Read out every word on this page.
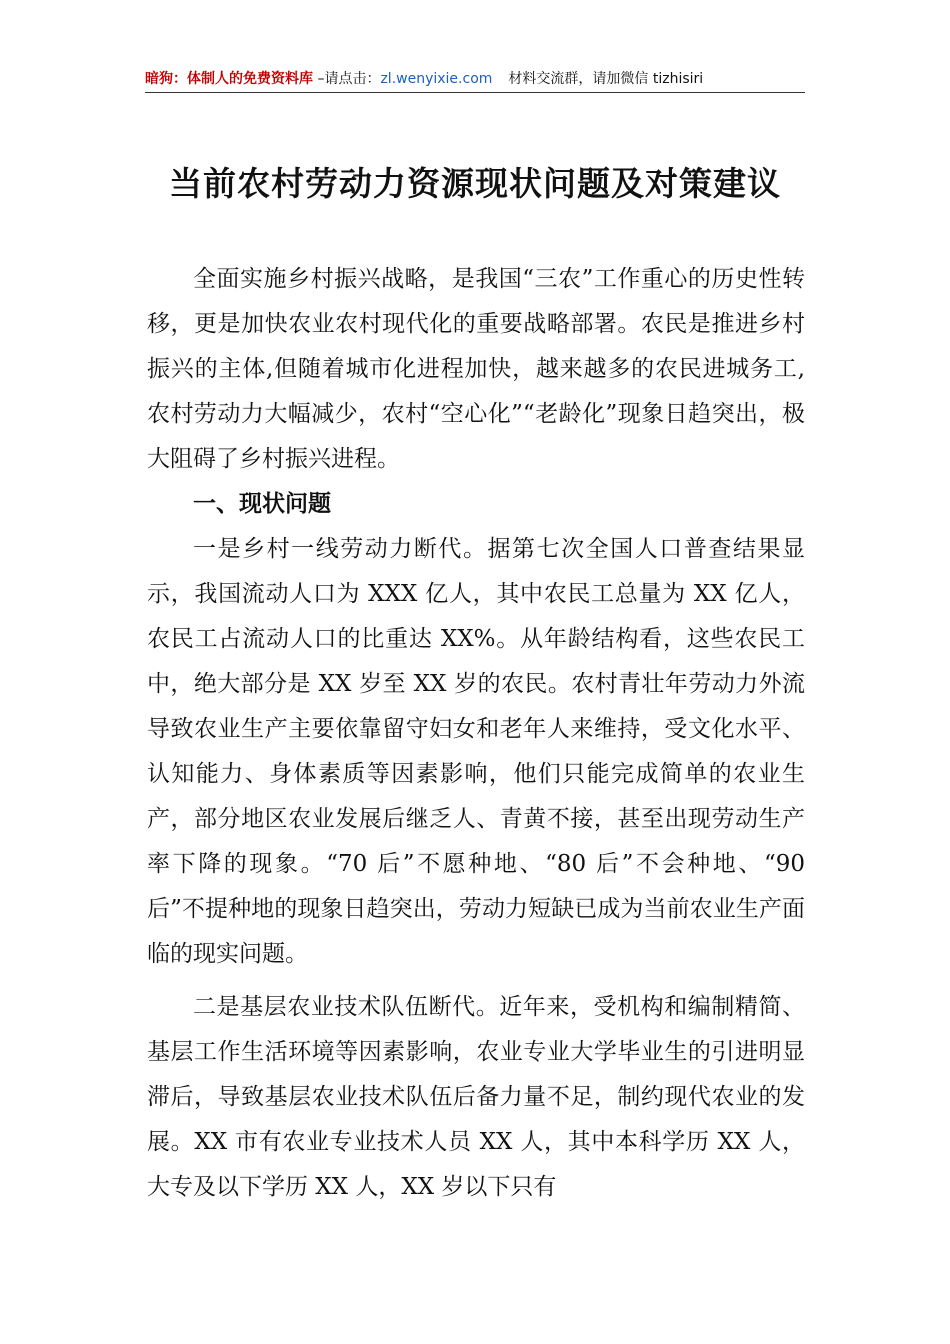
暗狗：体制人的免费资料库 –请点击：zl.wenyixie.com 材料交流群，请加微信 tizhisiri
当前农村劳动力资源现状问题及对策建议

全面实施乡村振兴战略，是我国“三农”工作重心的历史性转移，更是加快农业农村现代化的重要战略部署。农民是推进乡村振兴的主体,但随着城市化进程加快，越来越多的农民进城务工,农村劳动力大幅减少，农村“空心化”“老龄化”现象日趋突出，极大阻碍了乡村振兴进程。

一、现状问题

一是乡村一线劳动力断代。据第七次全国人口普查结果显示，我国流动人口为 XXX 亿人，其中农民工总量为 XX 亿人，农民工占流动人口的比重达 XX%。从年龄结构看，这些农民工中，绝大部分是 XX 岁至 XX 岁的农民。农村青壮年劳动力外流导致农业生产主要依靠留守妇女和老年人来维持，受文化水平、认知能力、身体素质等因素影响，他们只能完成简单的农业生产，部分地区农业发展后继乏人、青黄不接，甚至出现劳动生产率下降的现象。“70 后”不愿种地、“80 后”不会种地、“90 后”不提种地的现象日趋突出，劳动力短缺已成为当前农业生产面临的现实问题。

二是基层农业技术队伍断代。近年来，受机构和编制精简、基层工作生活环境等因素影响，农业专业大学毕业生的引进明显滞后，导致基层农业技术队伍后备力量不足，制约现代农业的发展。XX 市有农业专业技术人员 XX 人，其中本科学历 XX 人，大专及以下学历 XX 人，XX 岁以下只有
